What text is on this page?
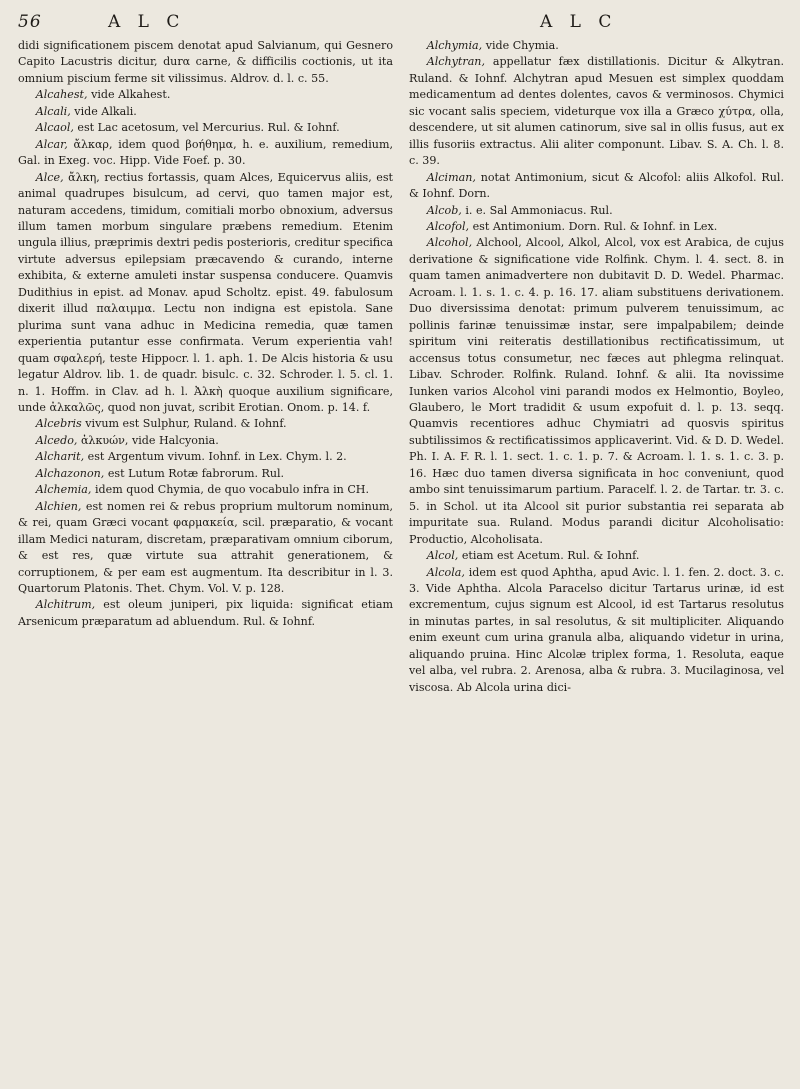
56	A L C	A L C

didi significationem piscem denotat apud Salvianum, qui Gesnero Capito Lacustris dicitur, durα carne, & difficilis coctionis, ut ita omnium piscium ferme sit vilissimus. Aldrov. d. l. c. 55.

Alcahest, vide Alkahest.

Alcali, vide Alkali.

Alcaol, est Lac acetosum, vel Mercurius. Rul. & Iohnf.

Alcar, ἄλκαρ, idem quod βοήθημα, h. e. auxilium, remedium, Gal. in Exeg. voc. Hipp. Vide Foef. p. 30.

Alce, ἄλκη, rectius fortassis, quam Alces, Equicervus aliis, est animal quadrupes bisulcum, ad cervi, quo tamen major est, naturam accedens, timidum, comitiali morbo obnoxium, adversus illum tamen morbum singulare præbens remedium. Etenim ungula illius, præprimis dextri pedis posterioris, creditur specifica virtute adversus epilepsiam præcavendo & curando, interne exhibita, & externe amuleti instar suspensa conducere. Quamvis Dudithius in epist. ad Monav. apud Scholtz. epist. 49. fabulosum dixerit illud παλαιμμα. Lectu non indigna est epistola. Sane plurima sunt vana adhuc in Medicina remedia, quæ tamen experientia putantur esse confirmata. Verum experientia vah! quam σφαλερή, teste Hippocr. l. 1. aph. 1. De Alcis historia & usu legatur Aldrov. lib. 1. de quadr. bisulc. c. 32. Schroder. l. 5. cl. 1. n. 1. Hoffm. in Clav. ad h. l. Ἀλκὴ quoque auxilium significare, unde ἀλκαλῶς, quod non juvat, scribit Erotian. Onom. p. 14. f.

Alcebris vivum est Sulphur, Ruland. & Iohnf.

Alcedo, ἀλκυών, vide Halcyonia.

Alcharit, est Argentum vivum. Iohnf. in Lex. Chym. l. 2.

Alchazonon, est Lutum Rotæ fabrorum. Rul.

Alchemia, idem quod Chymia, de quo vocabulo infra in CH.

Alchien, est nomen rei & rebus proprium multorum nominum, & rei, quam Græci vocant φαρμακεία, scil. præparatio, & vocant illam Medici naturam, discretam, præparativam omnium ciborum, & est res, quæ virtute sua attrahit generationem, & corruptionem, & per eam est augmentum. Ita describitur in l. 3. Quartorum Platonis. Thet. Chym. Vol. V. p. 128.

Alchitrum, est oleum juniperi, pix liquida: significat etiam Arsenicum præparatum ad abluendum. Rul. & Iohnf.

Alchymia, vide Chymia.

Alchytran, appellatur fæx distillationis. Dicitur & Alkytran. Ruland. & Iohnf. Alchytran apud Mesuen est simplex quoddam medicamentum ad dentes dolentes, cavos & verminosos. Chymici sic vocant salis speciem, videturque vox illa a Græco χύτρα, olla, descendere, ut sit alumen catinorum, sive sal in ollis fusus, aut ex illis fusoriis extractus. Alii aliter componunt. Libav. S. A. Ch. l. 8. c. 39.

Alciman, notat Antimonium, sicut & Alcofol: aliis Alkofol. Rul. & Iohnf. Dorn.

Alcob, i. e. Sal Ammoniacus. Rul.

Alcofol, est Antimonium. Dorn. Rul. & Iohnf. in Lex.

Alcohol, Alchool, Alcool, Alkol, Alcol, vox est Arabica, de cujus derivatione & significatione vide Rolfink. Chym. l. 4. sect. 8. in quam tamen animadvertere non dubitavit D. D. Wedel. Pharmac. Acroam. l. 1. s. 1. c. 4. p. 16. 17. aliam substituens derivationem. Duo diversissima denotat: primum pulverem tenuissimum, ac pollinis farinæ tenuissimæ instar, sere impalpabilem; deinde spiritum vini reiteratis destillationibus rectificatissimum, ut accensus totus consumetur, nec fæces aut phlegma relinquat. Libav. Schroder. Rolfink. Ruland. Iohnf. & alii. Ita novissime Iunken varios Alcohol vini parandi modos ex Helmontio, Boyleo, Glaubero, le Mort tradidit & usum expofuit d. l. p. 13. seqq. Quamvis recentiores adhuc Chymiatri ad quosvis spiritus subtilissimos & rectificatissimos applicaverint. Vid. & D. D. Wedel. Ph. I. A. F. R. l. 1. sect. 1. c. 1. p. 7. & Acroam. l. 1. s. 1. c. 3. p. 16. Hæc duo tamen diversa significata in hoc conveniunt, quod ambo sint tenuissimarum partium. Paracelf. l. 2. de Tartar. tr. 3. c. 5. in Schol. ut ita Alcool sit purior substantia rei separata ab impuritate sua. Ruland. Modus parandi dicitur Alcoholisatio: Productio, Alcoholisata.

Alcol, etiam est Acetum. Rul. & Iohnf.

Alcola, idem est quod Aphtha, apud Avic. l. 1. fen. 2. doct. 3. c. 3. Vide Aphtha. Alcola Paracelso dicitur Tartarus urinæ, id est excrementum, cujus signum est Alcool, id est Tartarus resolutus in minutas partes, in sal resolutus, & sit multipliciter. Aliquando enim exeunt cum urina granula alba, aliquando videtur in urina, aliquando pruina. Hinc Alcolæ triplex forma, 1. Resoluta, eaque vel alba, vel rubra. 2. Arenosa, alba & rubra. 3. Mucilaginosa, vel viscosa. Ab Alcola urina dici-
